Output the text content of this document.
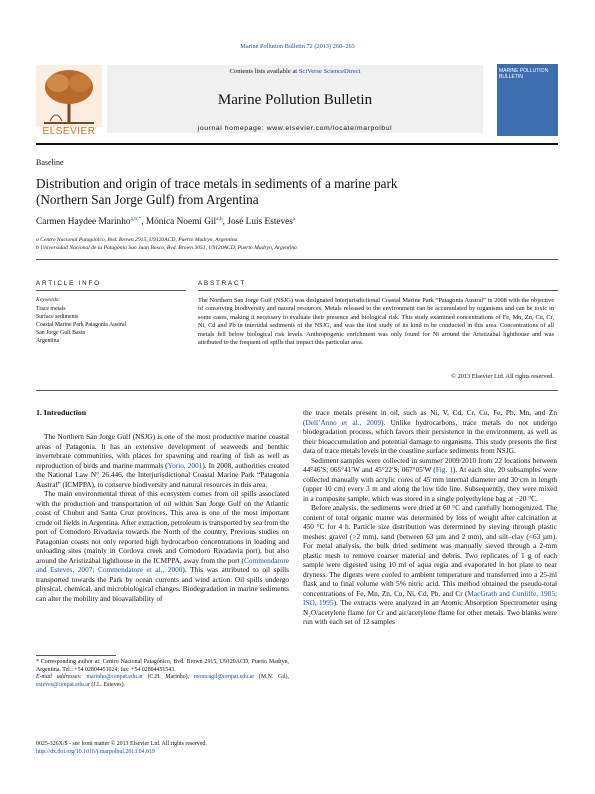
Marine Pollution Bulletin 72 (2013) 260–263
ELSEVIER
Contents lists available at SciVerse ScienceDirect
Marine Pollution Bulletin
journal homepage: www.elsevier.com/locate/marpolbul
MARINE POLLUTION BULLETIN
Baseline
Distribution and origin of trace metals in sediments of a marine park
(Northern San Jorge Gulf) from Argentina
Carmen Haydee Marinho$^{a,b,*}$, Mónica Noemí Gil$^{a,b}$, José Luis Esteves$^a$
a Centro Nacional Patagónico, Bvd. Brown 2915, U9120ACD, Puerto Madryn, Argentina
b Universidad Nacional de la Patagonia San Juan Bosco, Bvd. Brown 3051, U9120ACD, Puerto Madryn, Argentina
ARTICLE INFO	ABSTRACT
Keywords:
Trace metals
Surface sediments
Coastal Marine Park Patagonia Austral
San Jorge Gulf Basin
Argentina
The Northern San Jorge Gulf (NSJG) was designated Interjurisdictional Coastal Marine Park “Patagonia Austral” in 2008 with the objective of conserving biodiversity and natural resources. Metals released to the environment can be accumulated by organisms and can be toxic in some cases, making it necessary to evaluate their presence and biological risk. This study examined concentrations of Fe, Mn, Zn, Cu, Cr, Ni, Cd and Pb in intertidal sediments of the NSJG, and was the first study of its kind to be conducted in this area. Concentrations of all metals fell below biological risk levels. Anthropogenic enrichment was only found for Ni around the Aristizábal lighthouse and was attributed to the frequent oil spills that impact this particular area.
© 2013 Elsevier Ltd. All rights reserved.
1. Introduction

The Northern San Jorge Gulf (NSJG) is one of the most productive marine coastal areas of Patagonia. It has an extensive development of seaweeds and benthic invertebrate communities, with places for spawning and rearing of fish as well as reproduction of birds and marine mammals (Yorio, 2001). In 2008, authorities created the National Law N° 26.446, the Interjurisdictional Coastal Marine Park “Patagonia Austral” (ICMPPA), to conserve biodiversity and natural resources in this area.

The main environmental threat of this ecosystem comes from oil spills associated with the production and transportation of oil within San Jorge Gulf on the Atlantic coast of Chubut and Santa Cruz provinces. This area is one of the most important crude oil fields in Argentina. After extraction, petroleum is transported by sea from the port of Comodoro Rivadavia towards the North of the country. Previous studies on Patagonian coasts not only reported high hydrocarbon concentrations in loading and unloading sites (mainly in Cordova creek and Comodoro Rivadavia port), but also around the Aristizábal lighthouse in the ICMPPA, away from the port (Commendatore and Esteves, 2007; Commendatore et al., 2000). This was attributed to oil spills transported towards the Park by ocean currents and wind action. Oil spills undergo physical, chemical, and microbiological changes. Biodegradation in marine sediments can alter the mobility and bioavailability of

* Corresponding author at: Centro Nacional Patagónico, Bvd. Brown 2915, U9120ACD, Puerto Madryn, Argentina. Tel.: +54 02804451024; fax: +54 02804451543.
E-mail addresses: marinho@cenpat.edu.ar (C.H. Marinho), monicagil@cenpat.edu.ar (M.N. Gil), esteves@cenpat.edu.ar (J.L. Esteves).
0025-326X/$ - see front matter © 2013 Elsevier Ltd. All rights reserved.
http://dx.doi.org/10.1016/j.marpolbul.2013.04.019

the trace metals present in oil, such as Ni, V, Cd, Cr, Cu, Fe, Pb, Mn, and Zn (Dell’Anno et al., 2009). Unlike hydrocarbons, trace metals do not undergo biodegradation process, which favors their persistence in the environment, as well as their bioaccumulation and potential damage to organisms. This study presents the first data of trace metals levels in the coastline surface sediments from NSJG.

Sediment samples were collected in summer 2009/2010 from 22 locations between 44°46′S; 065°41′W and 45°22′S; 067°05′W (Fig. 1). At each site, 20 subsamples were collected manually with acrylic cores of 45 mm internal diameter and 30 cm in length (upper 10 cm) every 3 m and along the low tide line. Subsequently, they were mixed in a composite sample, which was stored in a single polyethylene bag at −20 °C.

Before analysis, the sediments were dried at 60 °C and carefully homogenized. The content of total organic matter was determined by loss of weight after calcination at 450 °C for 4 h. Particle size distribution was determined by sieving through plastic meshes: gravel (>2 mm), sand (between 63 µm and 2 mm), and silt–clay (<63 µm). For metal analysis, the bulk dried sediment was manually sieved through a 2-mm plastic mesh to remove coarser material and debris. Two replicates of 1 g of each sample were digested using 10 ml of aqua regia and evaporated in hot plate to near dryness. The digests were cooled to ambient temperature and transferred into a 25-ml flask and to final volume with 5% nitric acid. This method obtained the pseudo-total concentrations of Fe, Mn, Zn, Cu, Ni, Cd, Pb, and Cr (MacGrath and Cunliffe, 1985; ISO, 1995). The extracts were analyzed in an Atomic Absorption Spectrometer using N₂O/acetylene flame for Cr and air/acetylene flame for other metals. Two blanks were run with each set of 12 samples
